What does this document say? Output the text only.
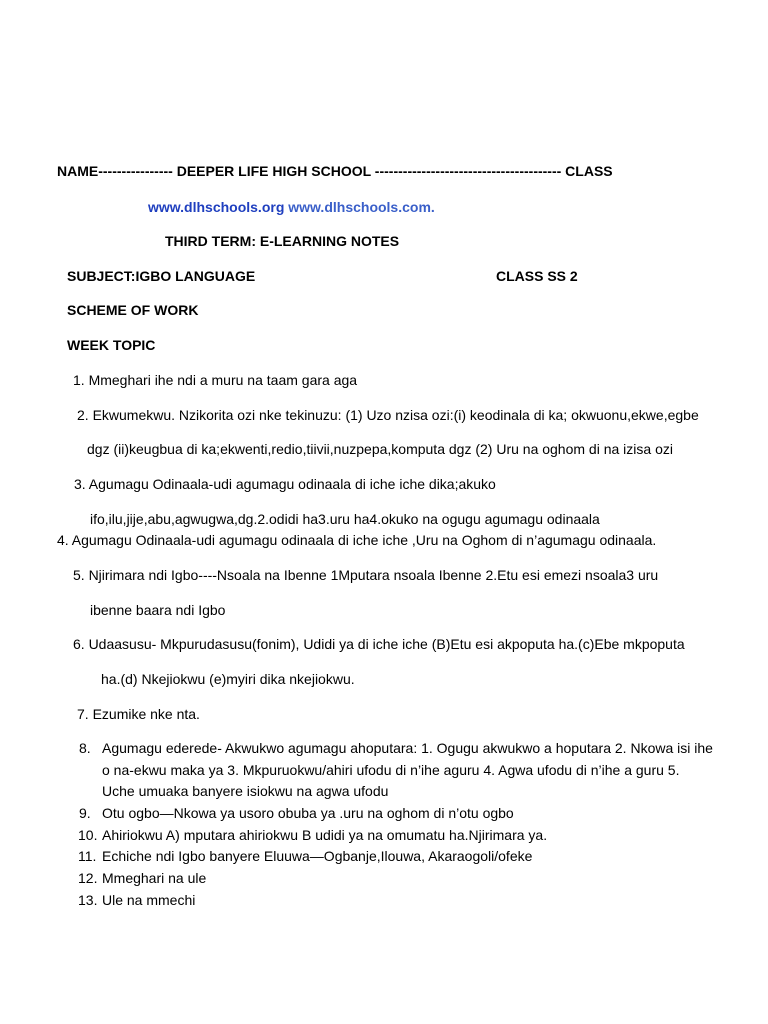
NAME---------------- DEEPER LIFE HIGH SCHOOL ---------------------------------------- CLASS
www.dlhschools.org www.dlhschools.com.
THIRD TERM: E-LEARNING NOTES
SUBJECT:IGBO LANGUAGE	CLASS SS 2
SCHEME OF WORK
WEEK TOPIC
1. Mmeghari ihe ndi a muru na taam gara aga
2. Ekwumekwu. Nzikorita ozi nke tekinuzu: (1) Uzo nzisa ozi:(i) keodinala di ka; okwuonu,ekwe,egbe
dgz (ii)keugbua di ka;ekwenti,redio,tiivii,nuzpepa,komputa dgz (2) Uru na oghom di na izisa ozi
3. Agumagu Odinaala-udi agumagu odinaala di iche iche dika;akuko
ifo,ilu,jije,abu,agwugwa,dg.2.odidi ha3.uru ha4.okuko na ogugu agumagu odinaala
4. Agumagu Odinaala-udi agumagu odinaala di iche iche ,Uru na Oghom di n’agumagu odinaala.
5. Njirimara ndi Igbo----Nsoala na Ibenne 1Mputara nsoala Ibenne 2.Etu esi emezi nsoala3 uru
ibenne baara ndi Igbo
6. Udaasusu- Mkpurudasusu(fonim), Udidi ya di iche iche (B)Etu esi akpoputa ha.(c)Ebe mkpoputa
ha.(d) Nkejiokwu (e)myiri dika nkejiokwu.
7. Ezumike nke nta.
8. Agumagu ederede- Akwukwo agumagu ahoputara: 1. Ogugu akwukwo a hoputara 2. Nkowa isi ihe
o na-ekwu maka ya 3. Mkpuruokwu/ahiri ufodu di n’ihe aguru 4. Agwa ufodu di n’ihe a guru 5.
Uche umuaka banyere isiokwu na agwa ufodu
9. Otu ogbo—Nkowa ya usoro obuba ya .uru na oghom di n’otu ogbo
10. Ahiriokwu A) mputara ahiriokwu B udidi ya na omumatu ha.Njirimara ya.
11. Echiche ndi Igbo banyere Eluuwa—Ogbanje,Ilouwa, Akaraogoli/ofeke
12. Mmeghari na ule
13. Ule na mmechi
